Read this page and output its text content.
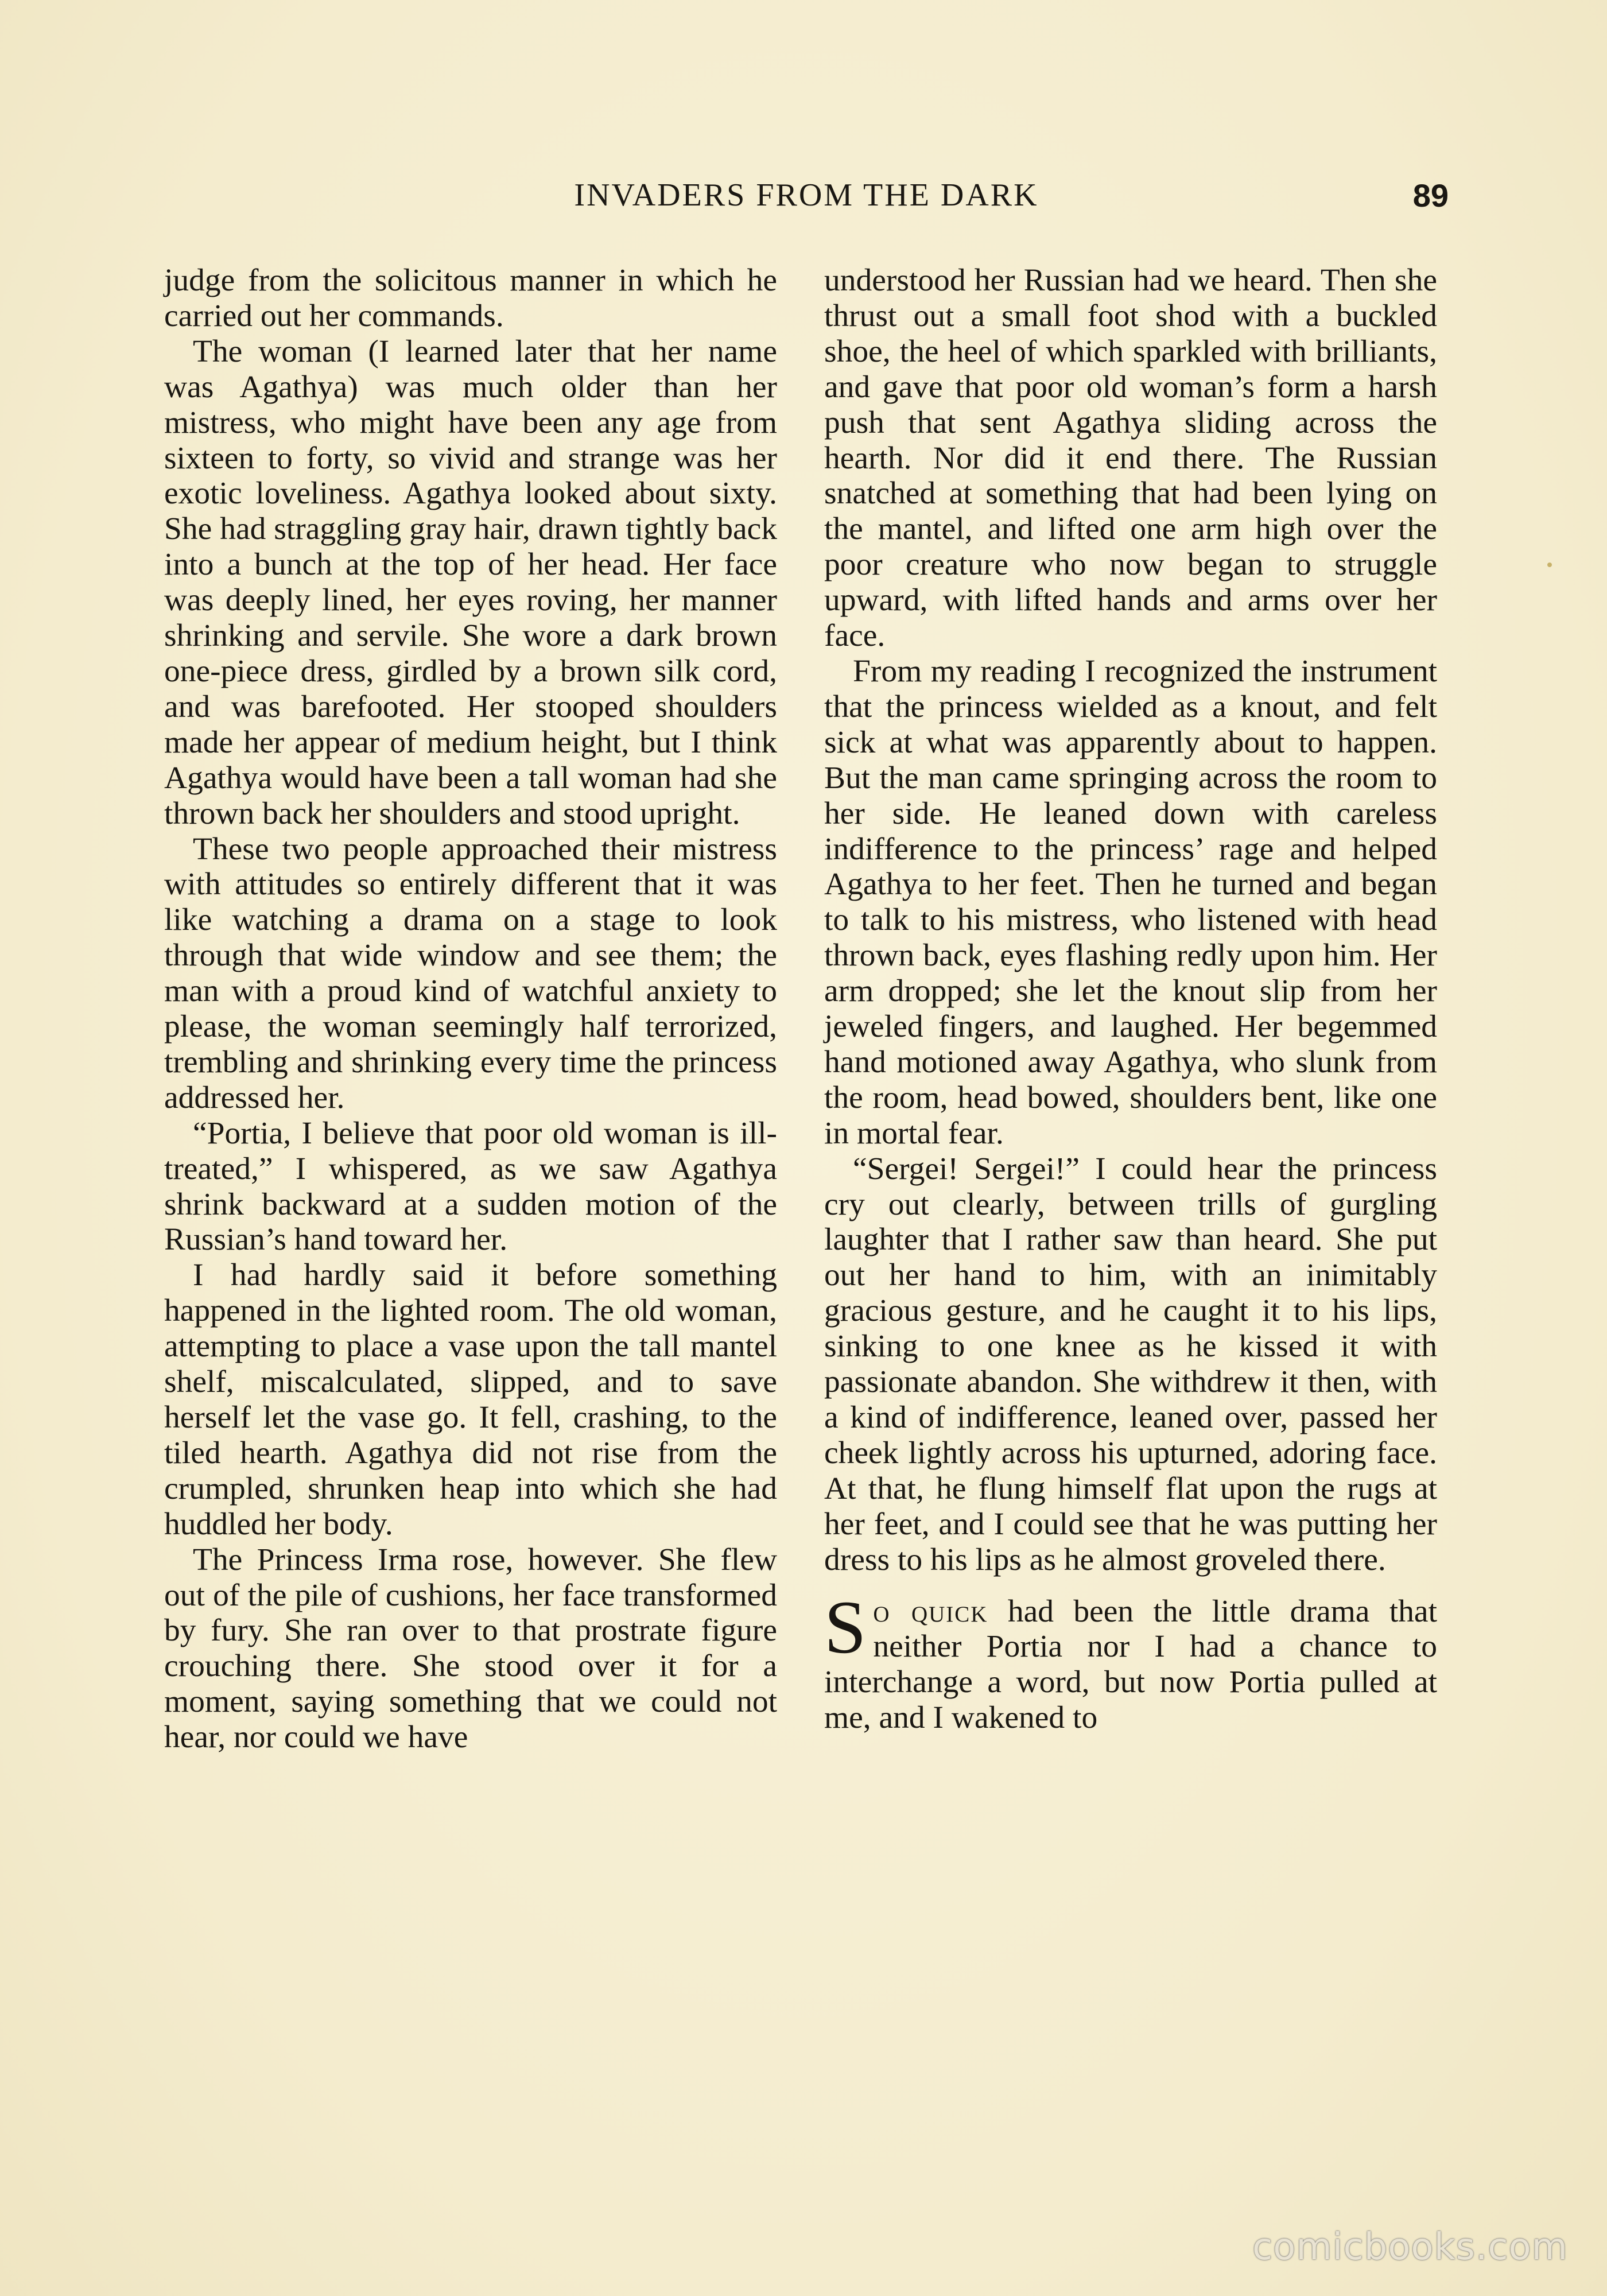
INVADERS FROM THE DARK	89

judge from the solicitous manner in which he carried out her commands.

The woman (I learned later that her name was Agathya) was much older than her mistress, who might have been any age from sixteen to forty, so vivid and strange was her exotic loveliness. Agathya looked about sixty. She had straggling gray hair, drawn tightly back into a bunch at the top of her head. Her face was deeply lined, her eyes roving, her manner shrinking and servile. She wore a dark brown one-piece dress, girdled by a brown silk cord, and was barefooted. Her stooped shoulders made her appear of medium height, but I think Agathya would have been a tall woman had she thrown back her shoulders and stood upright.

These two people approached their mistress with attitudes so entirely different that it was like watching a drama on a stage to look through that wide window and see them; the man with a proud kind of watchful anxiety to please, the woman seemingly half terrorized, trembling and shrinking every time the princess addressed her.

“Portia, I believe that poor old woman is ill-treated,” I whispered, as we saw Agathya shrink backward at a sudden motion of the Russian’s hand toward her.

I had hardly said it before something happened in the lighted room. The old woman, attempting to place a vase upon the tall mantel shelf, miscalculated, slipped, and to save herself let the vase go. It fell, crashing, to the tiled hearth. Agathya did not rise from the crumpled, shrunken heap into which she had huddled her body.

The Princess Irma rose, however. She flew out of the pile of cushions, her face transformed by fury. She ran over to that prostrate figure crouching there. She stood over it for a moment, saying something that we could not hear, nor could we have

understood her Russian had we heard. Then she thrust out a small foot shod with a buckled shoe, the heel of which sparkled with brilliants, and gave that poor old woman’s form a harsh push that sent Agathya sliding across the hearth. Nor did it end there. The Russian snatched at something that had been lying on the mantel, and lifted one arm high over the poor creature who now began to struggle upward, with lifted hands and arms over her face.

From my reading I recognized the instrument that the princess wielded as a knout, and felt sick at what was apparently about to happen. But the man came springing across the room to her side. He leaned down with careless indifference to the princess’ rage and helped Agathya to her feet. Then he turned and began to talk to his mistress, who listened with head thrown back, eyes flashing redly upon him. Her arm dropped; she let the knout slip from her jeweled fingers, and laughed. Her begemmed hand motioned away Agathya, who slunk from the room, head bowed, shoulders bent, like one in mortal fear.

“Sergei! Sergei!” I could hear the princess cry out clearly, between trills of gurgling laughter that I rather saw than heard. She put out her hand to him, with an inimitably gracious gesture, and he caught it to his lips, sinking to one knee as he kissed it with passionate abandon. She withdrew it then, with a kind of indifference, leaned over, passed her cheek lightly across his upturned, adoring face. At that, he flung himself flat upon the rugs at her feet, and I could see that he was putting her dress to his lips as he almost groveled there.

So quick had been the little drama that neither Portia nor I had a chance to interchange a word, but now Portia pulled at me, and I wakened to

comicbooks.com
